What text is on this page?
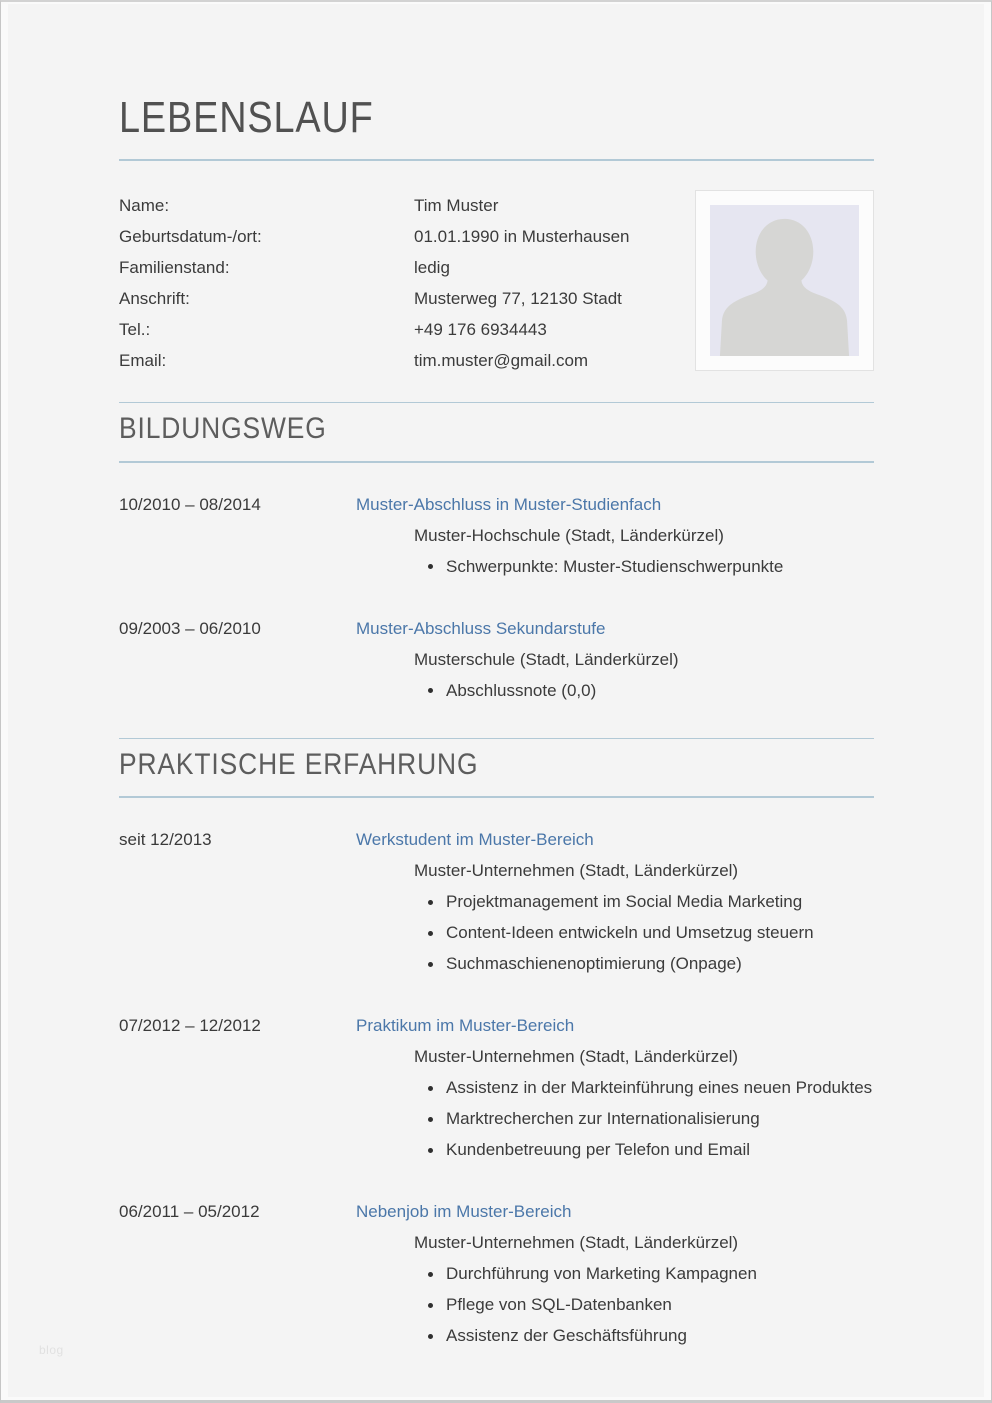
LEBENSLAUF
Name:	Tim Muster
Geburtsdatum-/ort:	01.01.1990 in Musterhausen
Familienstand:	ledig
Anschrift:	Musterweg 77, 12130 Stadt
Tel.:	+49 176 6934443
Email:	tim.muster@gmail.com
BILDUNGSWEG
10/2010 – 08/2014	Muster-Abschluss in Muster-Studienfach
Muster-Hochschule (Stadt, Länderkürzel)
Schwerpunkte: Muster-Studienschwerpunkte
09/2003 – 06/2010	Muster-Abschluss Sekundarstufe
Musterschule (Stadt, Länderkürzel)
Abschlussnote (0,0)
PRAKTISCHE ERFAHRUNG
seit 12/2013	Werkstudent im Muster-Bereich
Muster-Unternehmen (Stadt, Länderkürzel)
Projektmanagement im Social Media Marketing
Content-Ideen entwickeln und Umsetzug steuern
Suchmaschienenoptimierung (Onpage)
07/2012 – 12/2012	Praktikum im Muster-Bereich
Muster-Unternehmen (Stadt, Länderkürzel)
Assistenz in der Markteinführung eines neuen Produktes
Marktrecherchen zur Internationalisierung
Kundenbetreuung per Telefon und Email
06/2011 – 05/2012	Nebenjob im Muster-Bereich
Muster-Unternehmen (Stadt, Länderkürzel)
Durchführung von Marketing Kampagnen
Pflege von SQL-Datenbanken
Assistenz der Geschäftsführung
blog
